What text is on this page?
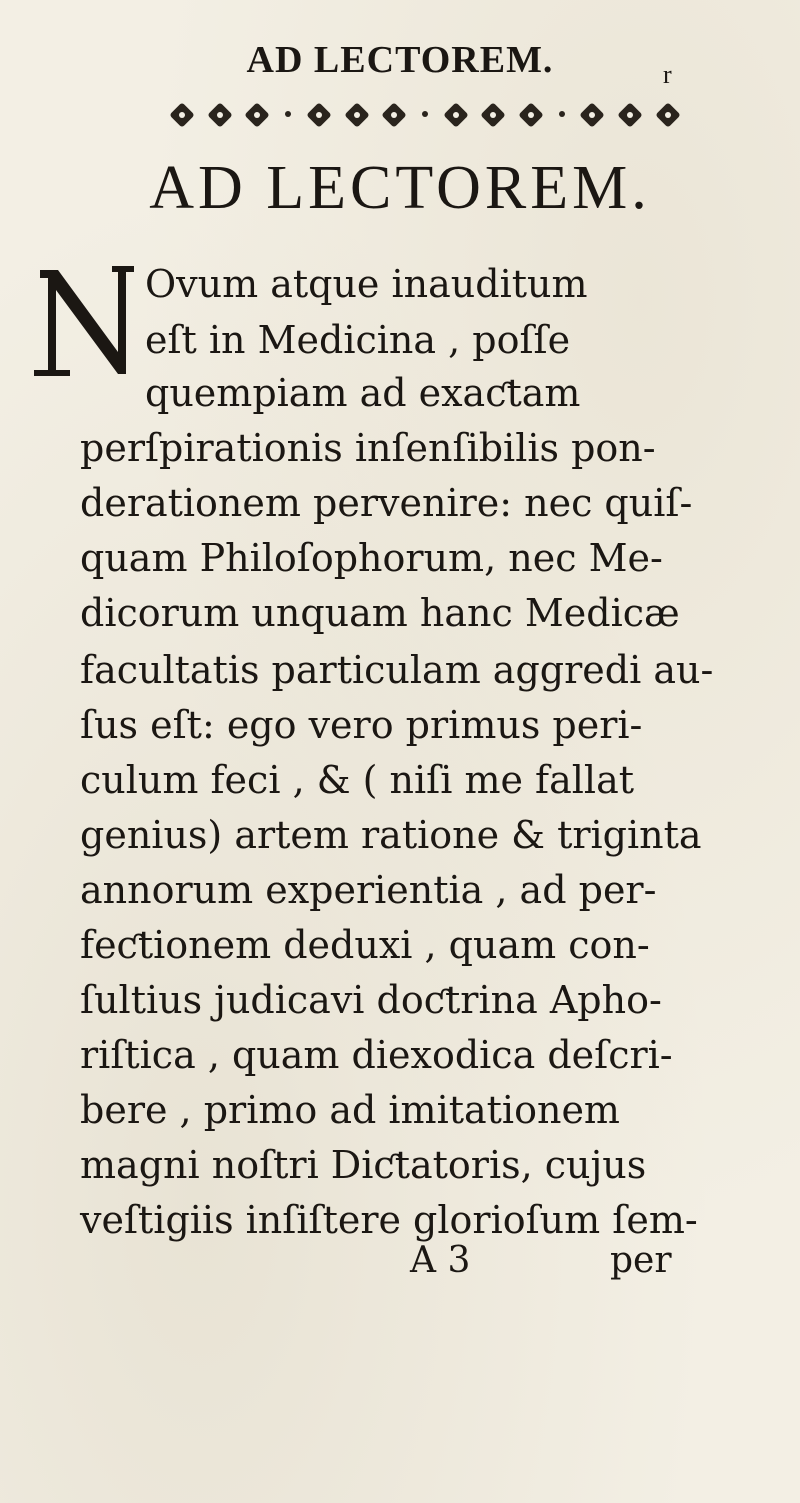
AD LECTOREM.	r
AD LECTOREM.
Ovum atque inauditum
eſt in Medicina , poſſe
quempiam ad exaƈtam
perſpirationis inſenſibilis pon-
derationem pervenire: nec quiſ-
quam Philoſophorum, nec Me-
dicorum unquam hanc Medicæ
facultatis particulam aggredi au-
ſus eſt: ego vero primus peri-
culum feci , & ( niſi me fallat
genius) artem ratione & triginta
annorum experientia , ad per-
feƈtionem deduxi , quam con-
ſultius judicavi doƈtrina Apho-
riſtica , quam diexodica deſcri-
bere , primo ad imitationem
magni noſtri Diƈtatoris, cujus
veſtigiis inſiſtere glorioſum ſem-
A 3	per
